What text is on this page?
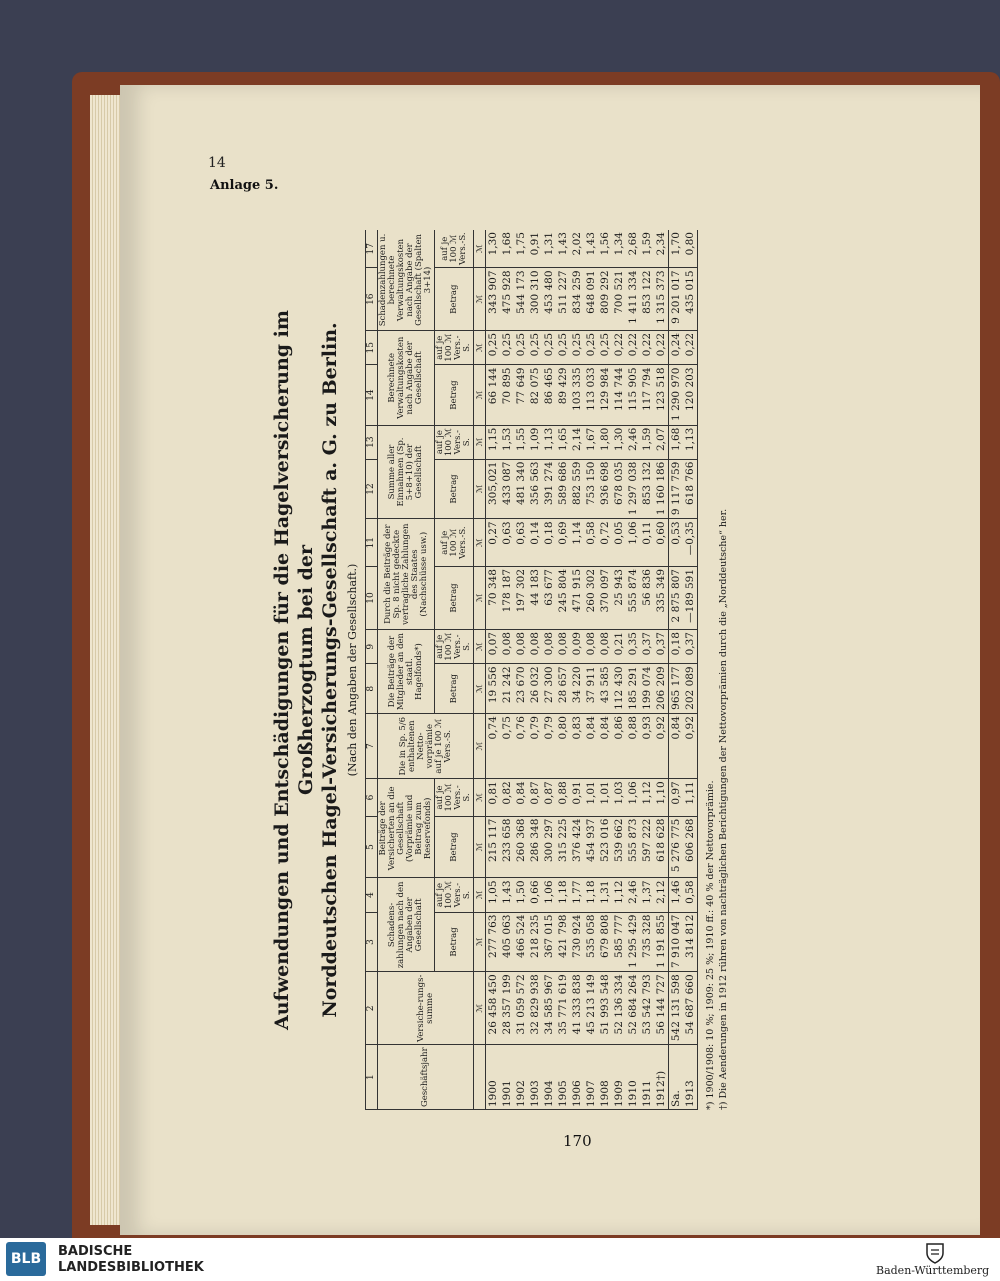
14
Anlage 5.
170

Aufwendungen und Entschädigungen für die Hagelversicherung im Großherzogtum bei der Norddeutschen Hagel-Versicherungs-Gesellschaft a. G. zu Berlin. (Nach den Angaben der Gesellschaft.)

1	2	3	4	5	6	7	8	9	10	11	12	13	14	15	16	17
Geschäftsjahr	Versiche-rungs-summe	Schadens-zahlungen nach den Angaben der Gesellschaft		Beiträge der Versicherten an die Gesellschaft (Vorprämie und Beitrag zum Reservefonds)		Die in Sp. 5/6 enthaltenen Netto-vorprämie auf je 100 ℳ Vers.-S.	Die Beiträge der Mitglieder an den staatl. Hagelfonds*)		Durch die Beiträge der Sp. 8 nicht gedeckte vertragliche Zahlungen des Staates (Nachschüsse usw.)		Summe aller Einnahmen (Sp. 5+8+10) der Gesellschaft		Berechnete Verwaltungskosten nach Angabe der Gesellschaft		Schadenzahlungen u. berechnete Verwaltungskosten nach Angabe der Gesellschaft (Spalten 3+14)	
		Betrag	auf je 100 ℳ Vers.-S.	Betrag	auf je 100 ℳ Vers.-S.		Betrag	auf je 100 ℳ Vers.-S.	Betrag	auf je 100 ℳ Vers.-S.	Betrag	auf je 100 ℳ Vers.-S.	Betrag	auf je 100 ℳ Vers.-S.	Betrag	auf je 100 ℳ Vers.-S.
	ℳ	ℳ	ℳ	ℳ	ℳ	ℳ	ℳ	ℳ	ℳ	ℳ	ℳ	ℳ	ℳ	ℳ	ℳ	ℳ
1900	26 458 450	277 763	1,05	215 117	0,81	0,74	19 556	0,07	70 348	0,27	305,021	1,15	66 144	0,25	343 907	1,30
1901	28 357 199	405 063	1,43	233 658	0,82	0,75	21 242	0,08	178 187	0,63	433 087	1,53	70 895	0,25	475 928	1,68
1902	31 059 572	466 524	1,50	260 368	0,84	0,76	23 670	0,08	197 302	0,63	481 340	1,55	77 649	0,25	544 173	1,75
1903	32 829 938	218 235	0,66	286 348	0,87	0,79	26 032	0,08	44 183	0,14	356 563	1,09	82 075	0,25	300 310	0,91
1904	34 585 967	367 015	1,06	300 297	0,87	0,79	27 300	0,08	63 677	0,18	391 274	1,13	86 465	0,25	453 480	1,31
1905	35 771 619	421 798	1,18	315 225	0,88	0,80	28 657	0,08	245 804	0,69	589 686	1,65	89 429	0,25	511 227	1,43
1906	41 333 838	730 924	1,77	376 424	0,91	0,83	34 220	0,09	471 915	1,14	882 559	2,14	103 335	0,25	834 259	2,02
1907	45 213 149	535 058	1,18	454 937	1,01	0,84	37 911	0,08	260 302	0,58	753 150	1,67	113 033	0,25	648 091	1,43
1908	51 993 548	679 808	1,31	523 016	1,01	0,84	43 585	0,08	370 097	0,72	936 698	1,80	129 984	0,25	809 292	1,56
1909	52 136 334	585 777	1,12	539 662	1,03	0,86	112 430	0,21	25 943	0,05	678 035	1,30	114 744	0,22	700 521	1,34
1910	52 684 264	1 295 429	2,46	555 873	1,06	0,88	185 291	0,35	555 874	1,06	1 297 038	2,46	115 905	0,22	1 411 334	2,68
1911	53 542 793	735 328	1,37	597 222	1,12	0,93	199 074	0,37	56 836	0,11	853 132	1,59	117 794	0,22	853 122	1,59
1912†)	56 144 727	1 191 855	2,12	618 628	1,10	0,92	206 209	0,37	335 349	0,60	1 160 186	2,07	123 518	0,22	1 315 373	2,34
Sa.	542 131 598	7 910 047	1,46	5 276 775	0,97	0,84	965 177	0,18	2 875 807	0,53	9 117 759	1,68	1 290 970	0,24	9 201 017	1,70
1913	54 687 660	314 812	0,58	606 268	1,11	0,92	202 089	0,37	—189 591	—0,35	618 766	1,13	120 203	0,22	435 015	0,80
*) 1900/1908: 10 %; 1909: 25 %; 1910 ff.: 40 % der Nettovorprämie. †) Die Aenderungen in 1912 rühren von nachträglichen Berichtigungen der Nettovorprämien durch die „Norddeutsche“ her.
BLB	BADISCHE
LANDESBIBLIOTHEK	Baden-Württemberg
